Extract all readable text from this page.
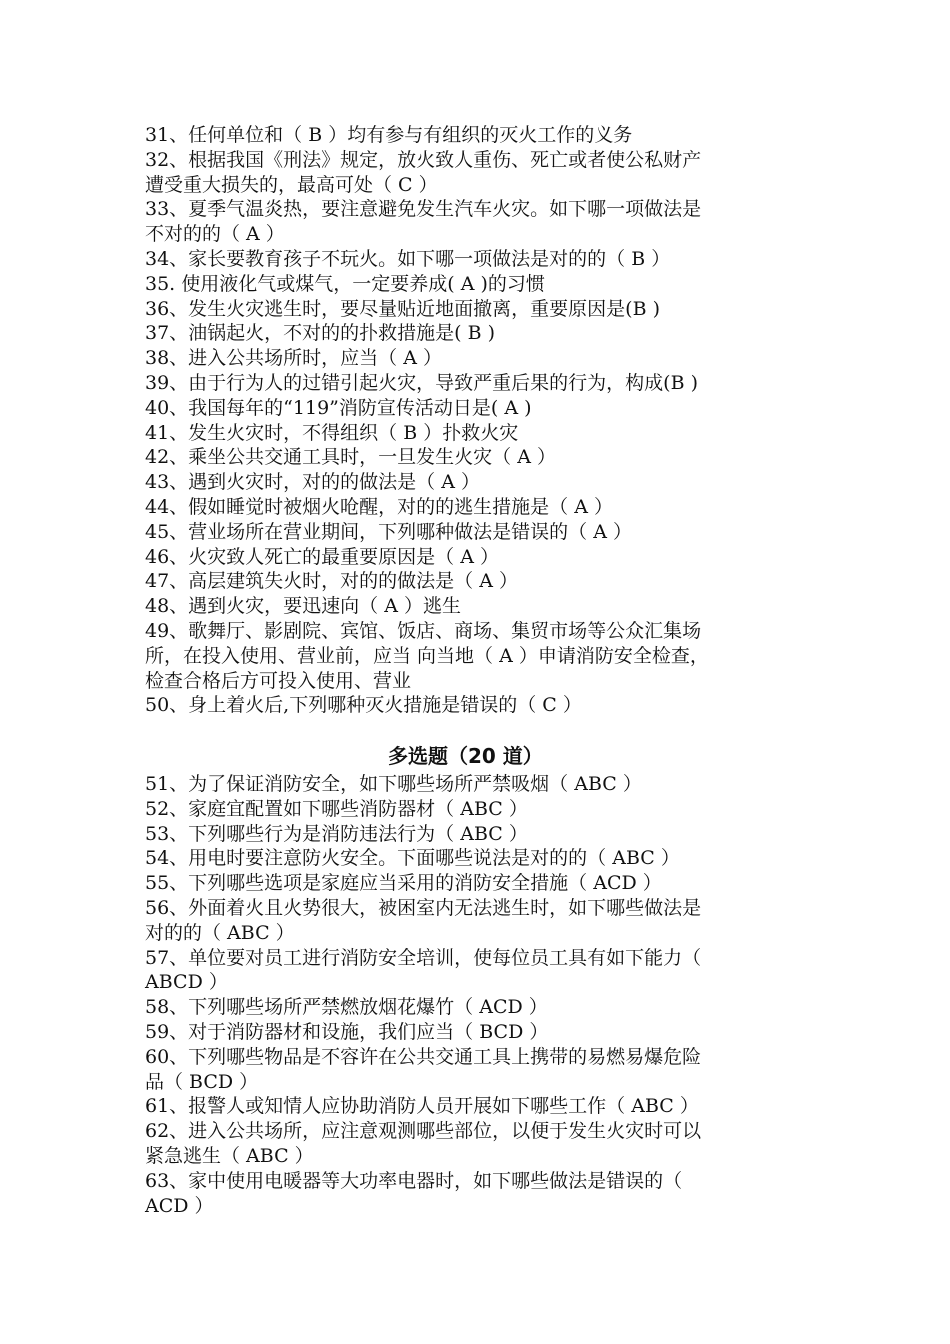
31、任何单位和（ B ）均有参与有组织的灭火工作的义务
32、根据我国《刑法》规定，放火致人重伤、死亡或者使公私财产
遭受重大损失的，最高可处（ C ）
33、夏季气温炎热，要注意避免发生汽车火灾。如下哪一项做法是
不对的的（ A ）
34、家长要教育孩子不玩火。如下哪一项做法是对的的（ B ）
35. 使用液化气或煤气，一定要养成( A )的习惯
36、发生火灾逃生时，要尽量贴近地面撤离，重要原因是(B )
37、油锅起火，不对的的扑救措施是( B )
38、进入公共场所时，应当（ A ）
39、由于行为人的过错引起火灾，导致严重后果的行为，构成(B )
40、我国每年的“119”消防宣传活动日是( A )
41、发生火灾时，不得组织（ B ）扑救火灾
42、乘坐公共交通工具时，一旦发生火灾（ A ）
43、遇到火灾时，对的的做法是（ A ）
44、假如睡觉时被烟火呛醒，对的的逃生措施是（ A ）
45、营业场所在营业期间，下列哪种做法是错误的（ A ）
46、火灾致人死亡的最重要原因是（ A ）
47、高层建筑失火时，对的的做法是（ A ）
48、遇到火灾，要迅速向（ A ）逃生
49、歌舞厅、影剧院、宾馆、饭店、商场、集贸市场等公众汇集场
所，在投入使用、营业前，应当 向当地（ A ）申请消防安全检查，
检查合格后方可投入使用、营业
50、身上着火后,下列哪种灭火措施是错误的（ C ）
多选题（20 道）
51、为了保证消防安全，如下哪些场所严禁吸烟（ ABC ）
52、家庭宜配置如下哪些消防器材（ ABC ）
53、下列哪些行为是消防违法行为（ ABC ）
54、用电时要注意防火安全。下面哪些说法是对的的（ ABC ）
55、下列哪些选项是家庭应当采用的消防安全措施（ ACD ）
56、外面着火且火势很大，被困室内无法逃生时，如下哪些做法是
对的的（ ABC ）
57、单位要对员工进行消防安全培训，使每位员工具有如下能力（
ABCD ）
58、下列哪些场所严禁燃放烟花爆竹（ ACD ）
59、对于消防器材和设施，我们应当（ BCD ）
60、下列哪些物品是不容许在公共交通工具上携带的易燃易爆危险
品（ BCD ）
61、报警人或知情人应协助消防人员开展如下哪些工作（ ABC ）
62、进入公共场所，应注意观测哪些部位，以便于发生火灾时可以
紧急逃生（ ABC ）
63、家中使用电暖器等大功率电器时，如下哪些做法是错误的（
ACD ）
